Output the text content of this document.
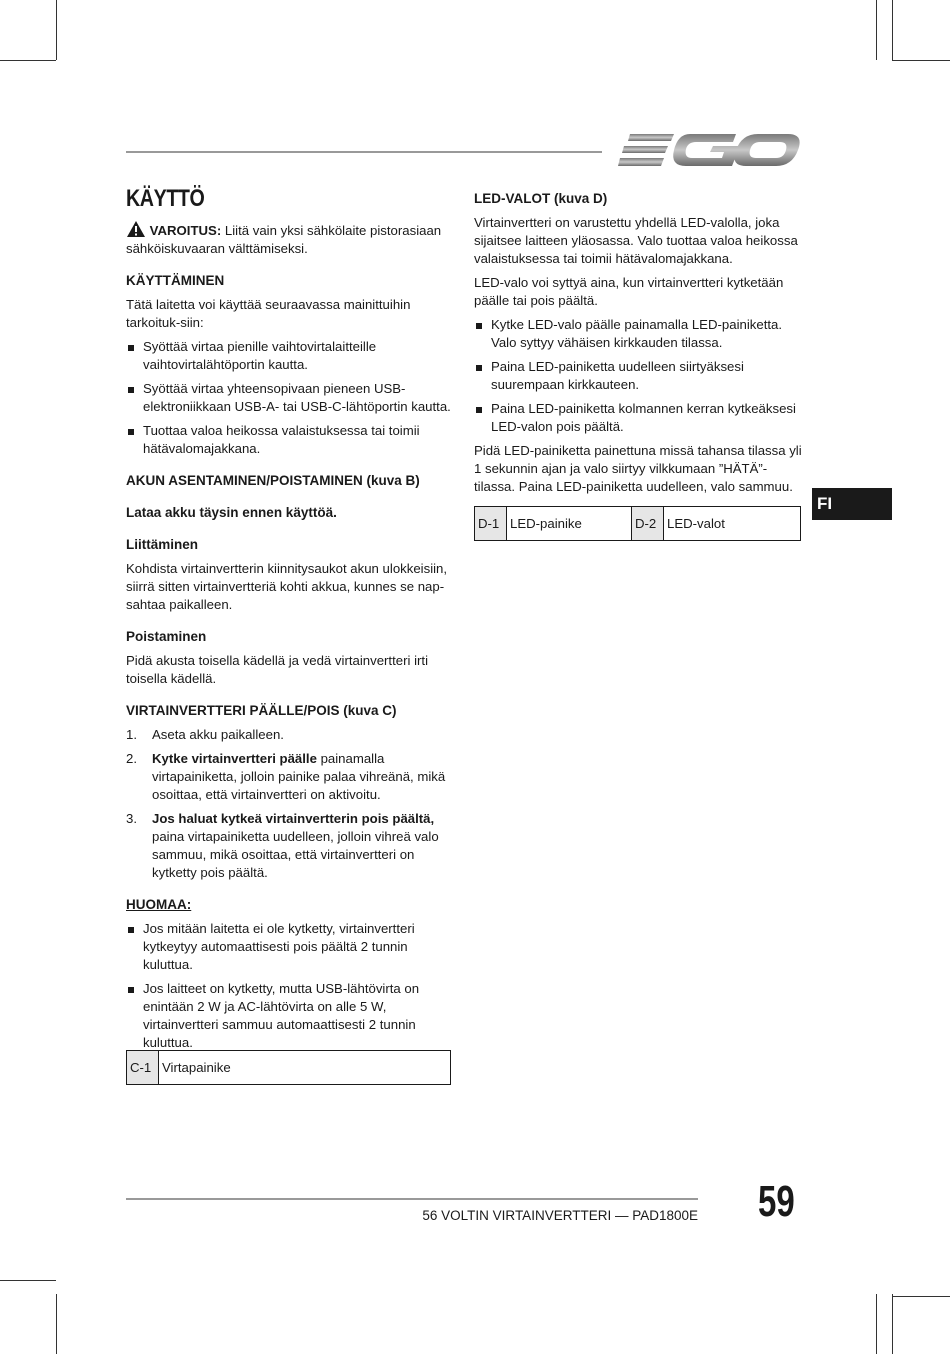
KÄYTTÖ

VAROITUS: Liitä vain yksi sähkölaite pistorasiaan sähköiskuvaaran välttämiseksi.

KÄYTTÄMINEN

Tätä laitetta voi käyttää seuraavassa mainittuihin tarkoituk-siin:

Syöttää virtaa pienille vaihtovirtalaitteille vaihtovirtalähtöportin kautta.
Syöttää virtaa yhteensopivaan pieneen USB-elektroniikkaan USB-A- tai USB-C-lähtöportin kautta.
Tuottaa valoa heikossa valaistuksessa tai toimii hätävalomajakkana.
AKUN ASENTAMINEN/POISTAMINEN (kuva B)
Lataa akku täysin ennen käyttöä.
Liittäminen

Kohdista virtainvertterin kiinnitysaukot akun ulokkeisiin, siirrä sitten virtainvertteriä kohti akkua, kunnes se nap-sahtaa paikalleen.

Poistaminen

Pidä akusta toisella kädellä ja vedä virtainvertteri irti toisella kädellä.

VIRTAINVERTTERI PÄÄLLE/POIS (kuva C)
1. Aseta akku paikalleen.
2. Kytke virtainvertteri päälle painamalla virtapainiketta, jolloin painike palaa vihreänä, mikä osoittaa, että virtainvertteri on aktivoitu.
3. Jos haluat kytkeä virtainvertterin pois päältä, paina virtapainiketta uudelleen, jolloin vihreä valo sammuu, mikä osoittaa, että virtainvertteri on kytketty pois päältä.
HUOMAA:
Jos mitään laitetta ei ole kytketty, virtainvertteri kytkeytyy automaattisesti pois päältä 2 tunnin kuluttua.
Jos laitteet on kytketty, mutta USB-lähtövirta on enintään 2 W ja AC-lähtövirta on alle 5 W, virtainvertteri sammuu automaattisesti 2 tunnin kuluttua.
C-1	Virtapainike
LED-VALOT (kuva D)

Virtainvertteri on varustettu yhdellä LED-valolla, joka sijaitsee laitteen yläosassa. Valo tuottaa valoa heikossa valaistuksessa tai toimii hätävalomajakkana.

LED-valo voi syttyä aina, kun virtainvertteri kytketään päälle tai pois päältä.

Kytke LED-valo päälle painamalla LED-painiketta. Valo syttyy vähäisen kirkkauden tilassa.
Paina LED-painiketta uudelleen siirtyäksesi suurempaan kirkkauteen.
Paina LED-painiketta kolmannen kerran kytkeäksesi LED-valon pois päältä.

Pidä LED-painiketta painettuna missä tahansa tilassa yli 1 sekunnin ajan ja valo siirtyy vilkkumaan ”HÄTÄ”-tilassa. Paina LED-painiketta uudelleen, valo sammuu.

D-1	LED-painike	D-2	LED-valot
FI
56 VOLTIN VIRTAINVERTTERI — PAD1800E 59
